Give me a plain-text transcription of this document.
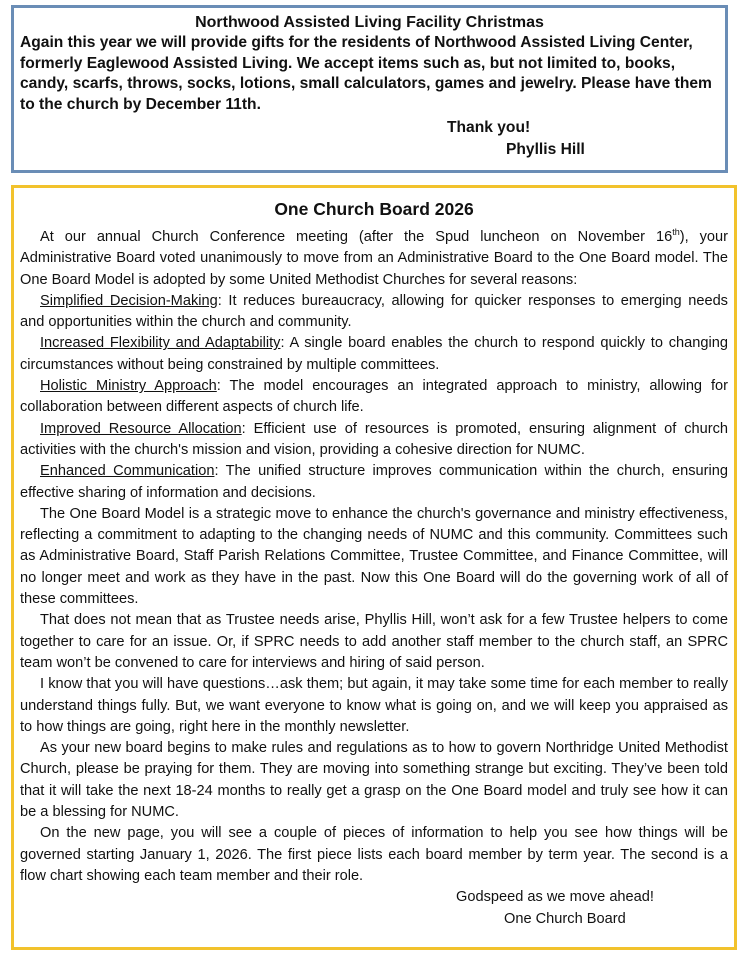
Northwood Assisted Living Facility Christmas
Again this year we will provide gifts for the residents of Northwood Assisted Living Center, formerly Eaglewood Assisted Living. We accept items such as, but not limited to, books, candy, scarfs, throws, socks, lotions, small calculators, games and jewelry. Please have them to the church by December 11th.
Thank you!
Phyllis Hill
One Church Board 2026

At our annual Church Conference meeting (after the Spud luncheon on November 16th), your Administrative Board voted unanimously to move from an Administrative Board to the One Board model. The One Board Model is adopted by some United Methodist Churches for several reasons:

Simplified Decision-Making: It reduces bureaucracy, allowing for quicker responses to emerging needs and opportunities within the church and community.

Increased Flexibility and Adaptability: A single board enables the church to respond quickly to changing circumstances without being constrained by multiple committees.

Holistic Ministry Approach: The model encourages an integrated approach to ministry, allowing for collaboration between different aspects of church life.

Improved Resource Allocation: Efficient use of resources is promoted, ensuring alignment of church activities with the church's mission and vision, providing a cohesive direction for NUMC.

Enhanced Communication: The unified structure improves communication within the church, ensuring effective sharing of information and decisions.

The One Board Model is a strategic move to enhance the church's governance and ministry effectiveness, reflecting a commitment to adapting to the changing needs of NUMC and this community. Committees such as Administrative Board, Staff Parish Relations Committee, Trustee Committee, and Finance Committee, will no longer meet and work as they have in the past. Now this One Board will do the governing work of all of these committees.

That does not mean that as Trustee needs arise, Phyllis Hill, won’t ask for a few Trustee helpers to come together to care for an issue. Or, if SPRC needs to add another staff member to the church staff, an SPRC team won’t be convened to care for interviews and hiring of said person.

I know that you will have questions…ask them; but again, it may take some time for each member to really understand things fully. But, we want everyone to know what is going on, and we will keep you appraised as to how things are going, right here in the monthly newsletter.

As your new board begins to make rules and regulations as to how to govern Northridge United Methodist Church, please be praying for them. They are moving into something strange but exciting. They’ve been told that it will take the next 18-24 months to really get a grasp on the One Board model and truly see how it can be a blessing for NUMC.

On the new page, you will see a couple of pieces of information to help you see how things will be governed starting January 1, 2026. The first piece lists each board member by term year. The second is a flow chart showing each team member and their role.

Godspeed as we move ahead!

One Church Board
